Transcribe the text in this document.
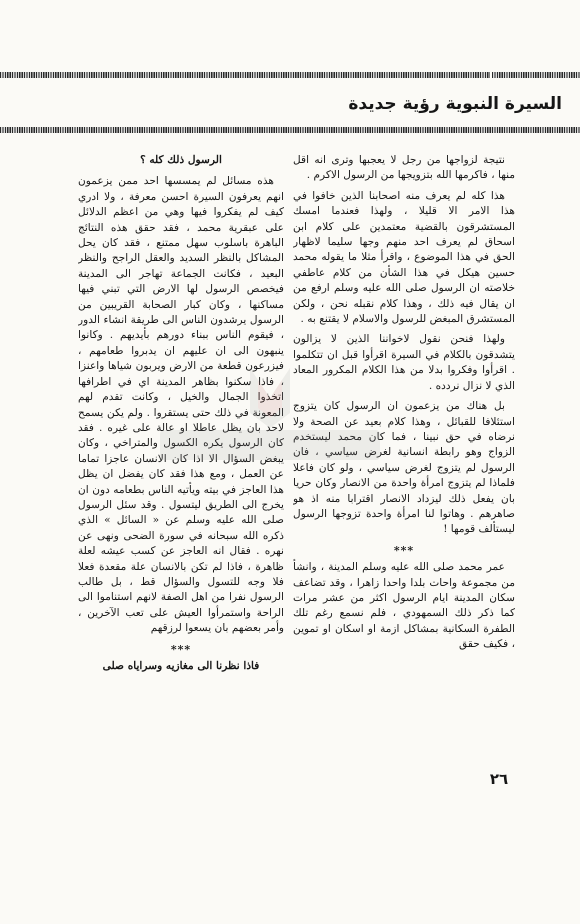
السيرة النبوية رؤية جديدة

نتيجة لزواجها من رجل لا يعجبها وترى انه اقل منها ، فاكرمها الله بتزويجها من الرسول الاكرم .

هذا كله لم يعرف منه اصحابنا الذين خافوا في هذا الامر الا قليلا ، ولهذا فعندما امسك المستشرقون بالقضية معتمدين على كلام ابن اسحاق لم يعرف احد منهم وجها سليما لاظهار الحق في هذا الموضوع ، واقرأ مثلا ما يقوله محمد حسين هيكل في هذا الشأن من كلام عاطفي خلاصته ان الرسول صلى الله عليه وسلم ارفع من ان يقال فيه ذلك ، وهذا كلام نقبله نحن ، ولكن المستشرق المبغض للرسول والاسلام لا يقتنع به .

ولهذا فنحن نقول لاخواننا الذين لا يزالون يتشدقون بالكلام في السيرة اقرأوا قبل ان تتكلموا . اقرأوا وفكروا بدلا من هذا الكلام المكرور المعاد الذي لا نزال نردده .

بل هناك من يزعمون ان الرسول كان يتزوج استئلافا للقبائل ، وهذا كلام بعيد عن الصحة ولا نرضاه في حق نبينا ، فما كان محمد ليستخدم الزواج وهو رابطة انسانية لغرض سياسي ، فان الرسول لم يتزوج لغرض سياسي ، ولو كان فاعلا فلماذا لم يتزوج امرأة واحدة من الانصار وكان حريا بان يفعل ذلك ليزداد الانصار اقترابا منه اذ هو صاهرهم . وهاتوا لنا امرأة واحدة تزوجها الرسول ليستألف قومها !

***

عمر محمد صلى الله عليه وسلم المدينة ، وانشأ من مجموعة واحات بلدا واحدا زاهرا ، وقد تضاعف سكان المدينة ايام الرسول اكثر من عشر مرات كما ذكر ذلك السمهودي ، فلم نسمع رغم تلك الطفرة السكانية بمشاكل ازمة او اسكان او تموين ، فكيف حقق

الرسول ذلك كله ؟

هذه مسائل لم يمسسها احد ممن يزعمون انهم يعرفون السيرة احسن معرفة ، ولا ادري كيف لم يفكروا فيها وهي من اعظم الدلائل على عبقرية محمد ، فقد حقق هذه النتائج الباهرة باسلوب سهل ممتنع ، فقد كان يحل المشاكل بالنظر السديد والعقل الراجح والنظر البعيد ، فكانت الجماعة تهاجر الى المدينة فيخصص الرسول لها الارض التي تبني فيها مساكنها ، وكان كبار الصحابة القريبين من الرسول يرشدون الناس الى طريقة انشاء الدور ، فيقوم الناس ببناء دورهم بأيديهم . وكانوا ينبهون الى ان عليهم ان يدبروا طعامهم ، فيزرعون قطعة من الارض ويربون شياها واعنزا ، فاذا سكنوا بظاهر المدينة اي في اطرافها اتخذوا الجمال والخيل ، وكانت تقدم لهم المعونة في ذلك حتى يستقروا . ولم يكن يسمح لاحد بان يظل عاطلا او عالة على غيره . فقد كان الرسول يكره الكسول والمتراخي ، وكان يبغض السؤال الا اذا كان الانسان عاجزا تماما عن العمل ، ومع هذا فقد كان يفضل ان يظل هذا العاجز في بيته ويأتيه الناس بطعامه دون ان يخرج الى الطريق ليتسول . وقد سئل الرسول صلى الله عليه وسلم عن « السائل » الذي ذكره الله سبحانه في سورة الضحى ونهى عن نهره . فقال انه العاجز عن كسب عيشه لعلة ظاهرة ، فاذا لم تكن بالانسان علة مقعدة فعلا فلا وجه للتسول والسؤال قط ، بل طالب الرسول نفرا من اهل الصفة لانهم استناموا الى الراحة واستمرأوا العيش على تعب الآخرين ، وأمر بعضهم بان يسعوا لرزقهم

***

فاذا نظرنا الى مغازيه وسراياه صلى

٢٦
